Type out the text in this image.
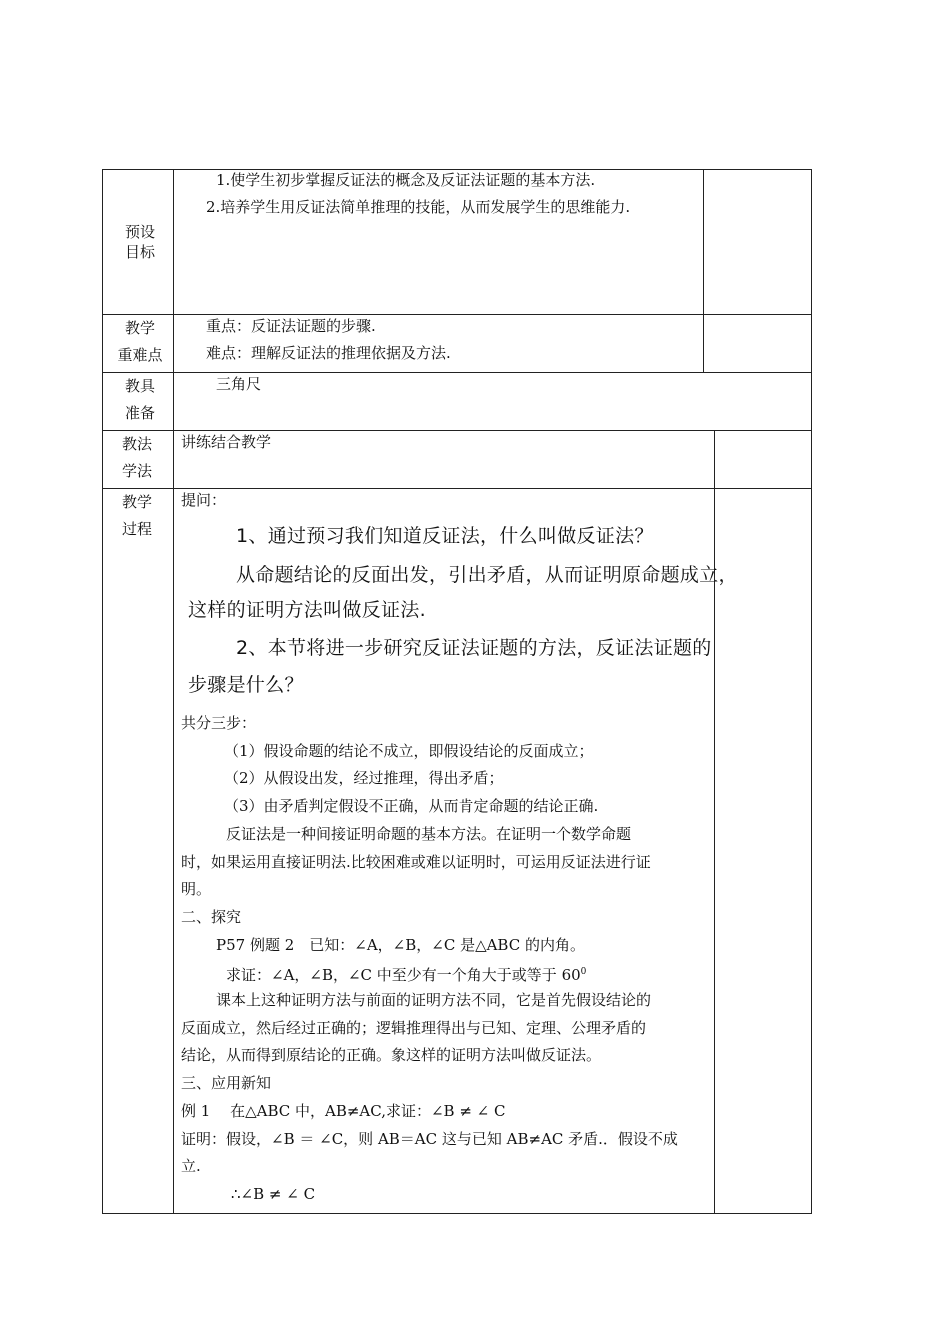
预设
目标
1.使学生初步掌握反证法的概念及反证法证题的基本方法.
2.培养学生用反证法简单推理的技能，从而发展学生的思维能力.
教学
重难点
重点：反证法证题的步骤.
难点：理解反证法的推理依据及方法.
教具
准备
三角尺
教法
学法
讲练结合教学
教学
过程
提问：
1、通过预习我们知道反证法，什么叫做反证法？
从命题结论的反面出发，引出矛盾，从而证明原命题成立，
这样的证明方法叫做反证法.
2、本节将进一步研究反证法证题的方法，反证法证题的
步骤是什么？
共分三步：
（1）假设命题的结论不成立，即假设结论的反面成立；
（2）从假设出发，经过推理，得出矛盾；
（3）由矛盾判定假设不正确，从而肯定命题的结论正确.
反证法是一种间接证明命题的基本方法。在证明一个数学命题
时，如果运用直接证明法.比较困难或难以证明时，可运用反证法进行证
明。
二、探究
P57 例题 2　已知：∠A，∠B，∠C 是△ABC 的内角。
求证：∠A，∠B，∠C 中至少有一个角大于或等于 $60^0$
课本上这种证明方法与前面的证明方法不同，它是首先假设结论的
反面成立，然后经过正确的；逻辑推理得出与已知、定理、公理矛盾的
结论，从而得到原结论的正确。象这样的证明方法叫做反证法。
三、应用新知
例 1　 在△ABC 中，AB≠AC,求证：∠B ≠ ∠ C
证明：假设，∠B ＝ ∠C，则 AB＝AC 这与已知 AB≠AC 矛盾.．假设不成
立.
∴∠B ≠ ∠ C
